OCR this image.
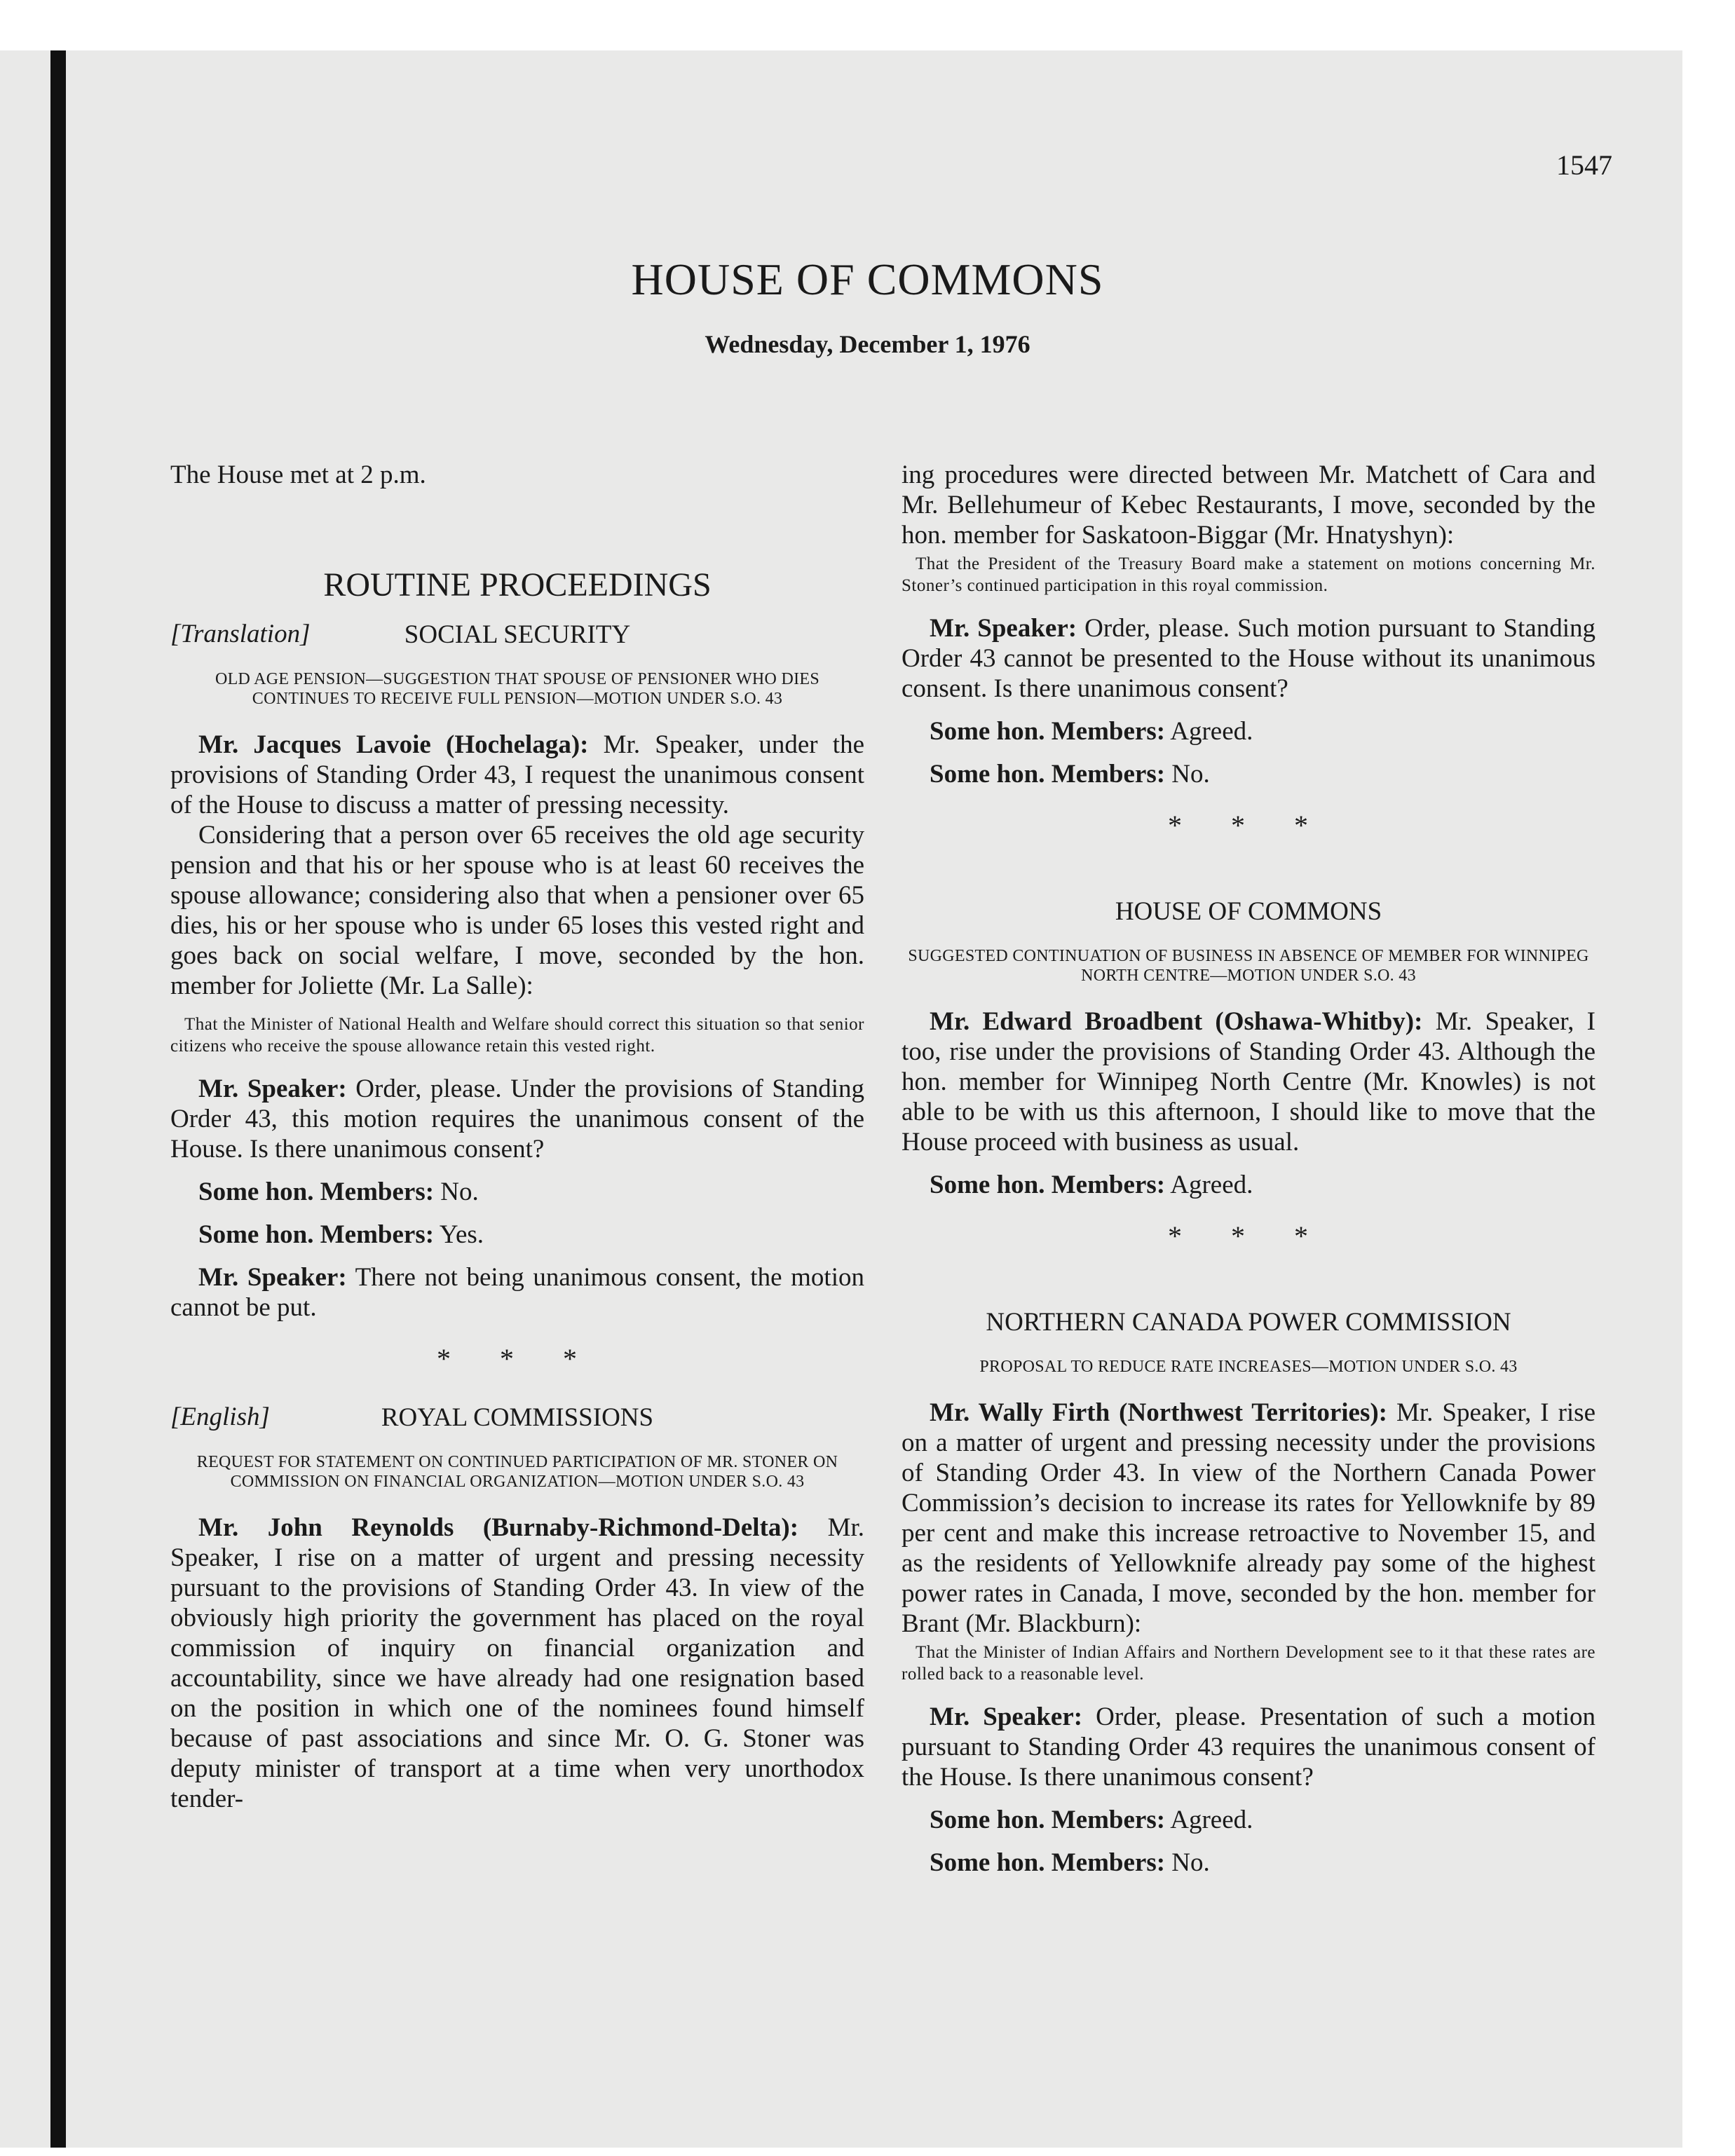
1547
HOUSE OF COMMONS
Wednesday, December 1, 1976

The House met at 2 p.m.

ROUTINE PROCEEDINGS

[Translation]	SOCIAL SECURITY

OLD AGE PENSION—SUGGESTION THAT SPOUSE OF PENSIONER WHO DIES CONTINUES TO RECEIVE FULL PENSION—MOTION UNDER S.O. 43

Mr. Jacques Lavoie (Hochelaga): Mr. Speaker, under the provisions of Standing Order 43, I request the unanimous consent of the House to discuss a matter of pressing necessity.

Considering that a person over 65 receives the old age security pension and that his or her spouse who is at least 60 receives the spouse allowance; considering also that when a pensioner over 65 dies, his or her spouse who is under 65 loses this vested right and goes back on social welfare, I move, seconded by the hon. member for Joliette (Mr. La Salle):

That the Minister of National Health and Welfare should correct this situation so that senior citizens who receive the spouse allowance retain this vested right.

Mr. Speaker: Order, please. Under the provisions of Standing Order 43, this motion requires the unanimous consent of the House. Is there unanimous consent?

Some hon. Members: No.

Some hon. Members: Yes.

Mr. Speaker: There not being unanimous consent, the motion cannot be put.

* * *

[English]	ROYAL COMMISSIONS

REQUEST FOR STATEMENT ON CONTINUED PARTICIPATION OF MR. STONER ON COMMISSION ON FINANCIAL ORGANIZATION—MOTION UNDER S.O. 43

Mr. John Reynolds (Burnaby-Richmond-Delta): Mr. Speaker, I rise on a matter of urgent and pressing necessity pursuant to the provisions of Standing Order 43. In view of the obviously high priority the government has placed on the royal commission of inquiry on financial organization and accountability, since we have already had one resignation based on the position in which one of the nominees found himself because of past associations and since Mr. O. G. Stoner was deputy minister of transport at a time when very unorthodox tender-

ing procedures were directed between Mr. Matchett of Cara and Mr. Bellehumeur of Kebec Restaurants, I move, seconded by the hon. member for Saskatoon-Biggar (Mr. Hnatyshyn):

That the President of the Treasury Board make a statement on motions concerning Mr. Stoner’s continued participation in this royal commission.

Mr. Speaker: Order, please. Such motion pursuant to Standing Order 43 cannot be presented to the House without its unanimous consent. Is there unanimous consent?

Some hon. Members: Agreed.

Some hon. Members: No.

* * *

HOUSE OF COMMONS

SUGGESTED CONTINUATION OF BUSINESS IN ABSENCE OF MEMBER FOR WINNIPEG NORTH CENTRE—MOTION UNDER S.O. 43

Mr. Edward Broadbent (Oshawa-Whitby): Mr. Speaker, I too, rise under the provisions of Standing Order 43. Although the hon. member for Winnipeg North Centre (Mr. Knowles) is not able to be with us this afternoon, I should like to move that the House proceed with business as usual.

Some hon. Members: Agreed.

* * *

NORTHERN CANADA POWER COMMISSION

PROPOSAL TO REDUCE RATE INCREASES—MOTION UNDER S.O. 43

Mr. Wally Firth (Northwest Territories): Mr. Speaker, I rise on a matter of urgent and pressing necessity under the provisions of Standing Order 43. In view of the Northern Canada Power Commission’s decision to increase its rates for Yellowknife by 89 per cent and make this increase retroactive to November 15, and as the residents of Yellowknife already pay some of the highest power rates in Canada, I move, seconded by the hon. member for Brant (Mr. Blackburn):

That the Minister of Indian Affairs and Northern Development see to it that these rates are rolled back to a reasonable level.

Mr. Speaker: Order, please. Presentation of such a motion pursuant to Standing Order 43 requires the unanimous consent of the House. Is there unanimous consent?

Some hon. Members: Agreed.

Some hon. Members: No.
